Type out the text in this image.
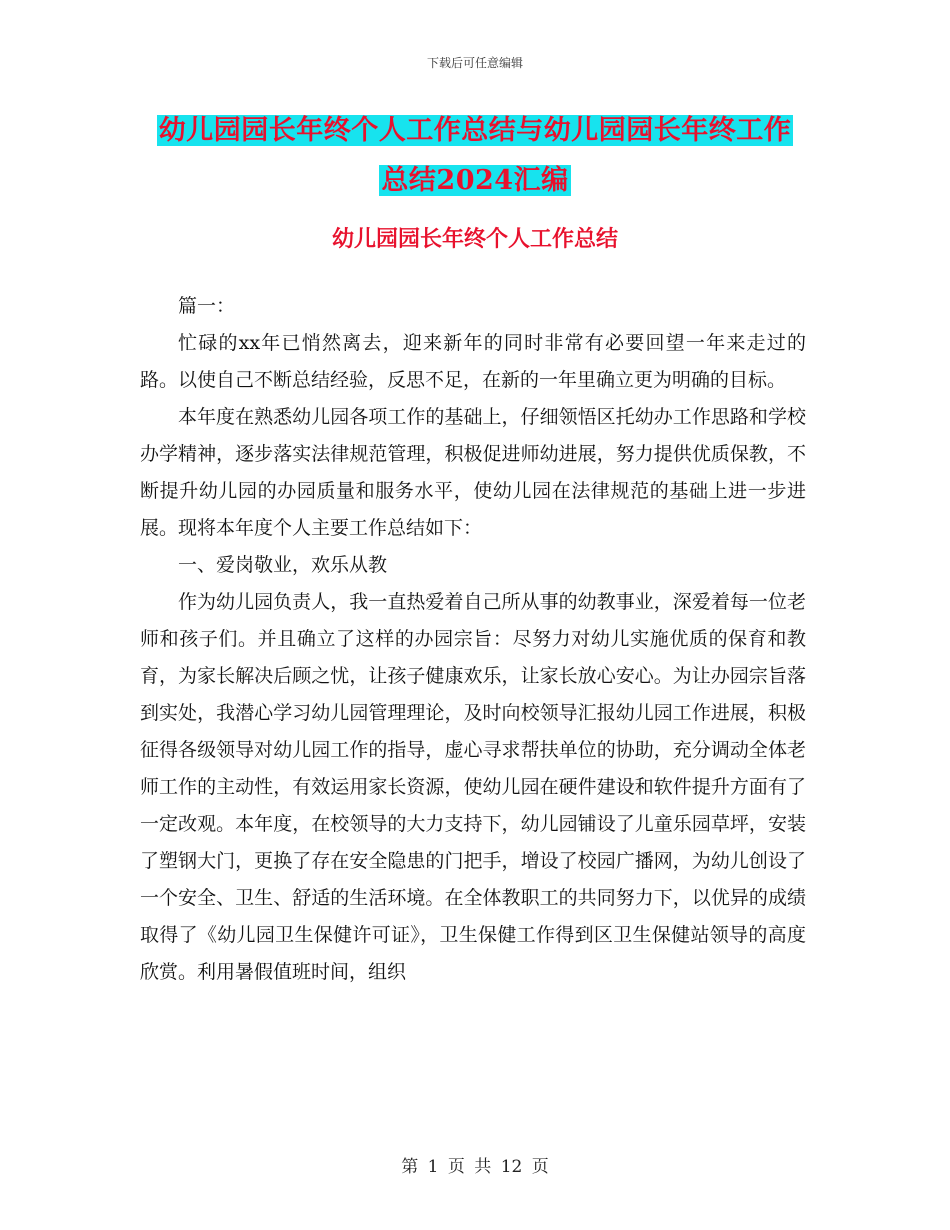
下载后可任意编辑
幼儿园园长年终个人工作总结与幼儿园园长年终工作
总结2024汇编
幼儿园园长年终个人工作总结

篇一：

忙碌的xx年已悄然离去，迎来新年的同时非常有必要回望一年来走过的路。以使自己不断总结经验，反思不足，在新的一年里确立更为明确的目标。

本年度在熟悉幼儿园各项工作的基础上，仔细领悟区托幼办工作思路和学校办学精神，逐步落实法律规范管理，积极促进师幼进展，努力提供优质保教，不断提升幼儿园的办园质量和服务水平，使幼儿园在法律规范的基础上进一步进展。现将本年度个人主要工作总结如下：

一、爱岗敬业，欢乐从教

作为幼儿园负责人，我一直热爱着自己所从事的幼教事业，深爱着每一位老师和孩子们。并且确立了这样的办园宗旨：尽努力对幼儿实施优质的保育和教育，为家长解决后顾之忧，让孩子健康欢乐，让家长放心安心。为让办园宗旨落到实处，我潜心学习幼儿园管理理论，及时向校领导汇报幼儿园工作进展，积极征得各级领导对幼儿园工作的指导，虚心寻求帮扶单位的协助，充分调动全体老师工作的主动性，有效运用家长资源，使幼儿园在硬件建设和软件提升方面有了一定改观。本年度，在校领导的大力支持下，幼儿园铺设了儿童乐园草坪，安装了塑钢大门，更换了存在安全隐患的门把手，增设了校园广播网，为幼儿创设了一个安全、卫生、舒适的生活环境。在全体教职工的共同努力下，以优异的成绩取得了《幼儿园卫生保健许可证》，卫生保健工作得到区卫生保健站领导的高度欣赏。利用暑假值班时间，组织

第 1 页 共 12 页
